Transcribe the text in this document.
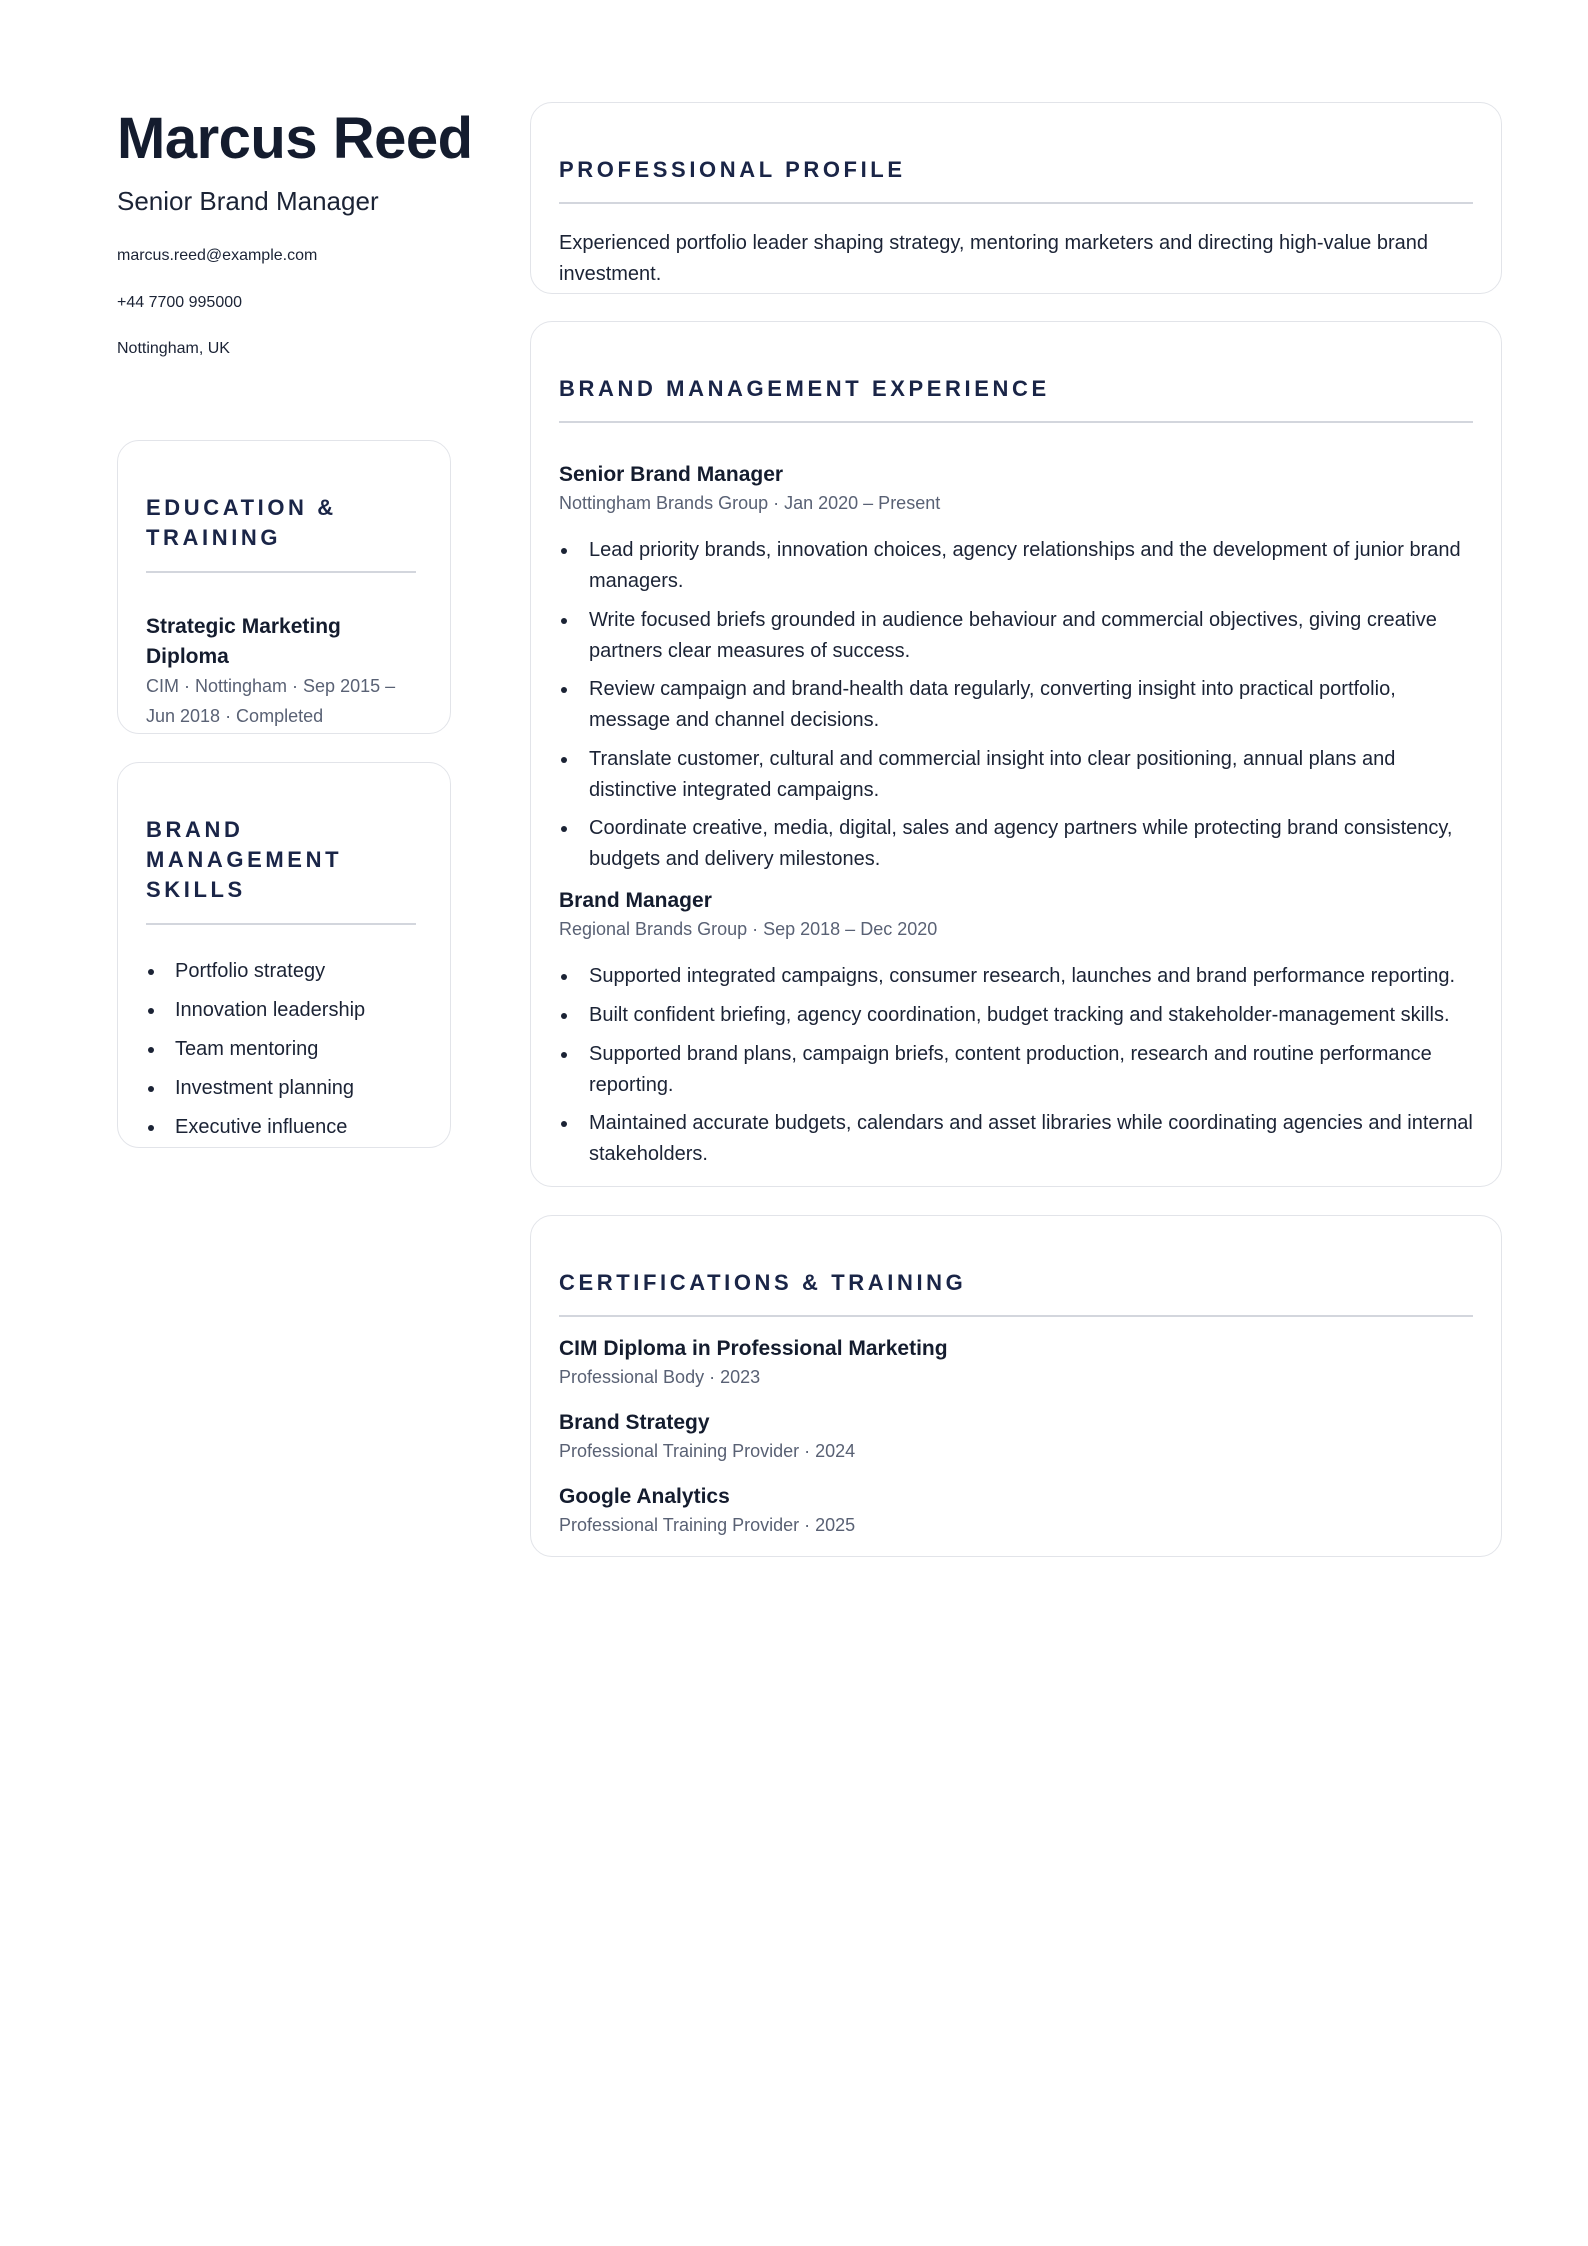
Marcus Reed
Senior Brand Manager
marcus.reed@example.com
+44 7700 995000
Nottingham, UK
EDUCATION & TRAINING
Strategic Marketing Diploma
CIM · Nottingham · Sep 2015 – Jun 2018 · Completed
BRAND MANAGEMENT SKILLS
Portfolio strategy
Innovation leadership
Team mentoring
Investment planning
Executive influence
PROFESSIONAL PROFILE
Experienced portfolio leader shaping strategy, mentoring marketers and directing high-value brand investment.
BRAND MANAGEMENT EXPERIENCE
Senior Brand Manager
Nottingham Brands Group · Jan 2020 – Present
Lead priority brands, innovation choices, agency relationships and the development of junior brand managers.
Write focused briefs grounded in audience behaviour and commercial objectives, giving creative partners clear measures of success.
Review campaign and brand-health data regularly, converting insight into practical portfolio, message and channel decisions.
Translate customer, cultural and commercial insight into clear positioning, annual plans and distinctive integrated campaigns.
Coordinate creative, media, digital, sales and agency partners while protecting brand consistency, budgets and delivery milestones.
Brand Manager
Regional Brands Group · Sep 2018 – Dec 2020
Supported integrated campaigns, consumer research, launches and brand performance reporting.
Built confident briefing, agency coordination, budget tracking and stakeholder-management skills.
Supported brand plans, campaign briefs, content production, research and routine performance reporting.
Maintained accurate budgets, calendars and asset libraries while coordinating agencies and internal stakeholders.
CERTIFICATIONS & TRAINING
CIM Diploma in Professional Marketing
Professional Body · 2023
Brand Strategy
Professional Training Provider · 2024
Google Analytics
Professional Training Provider · 2025
